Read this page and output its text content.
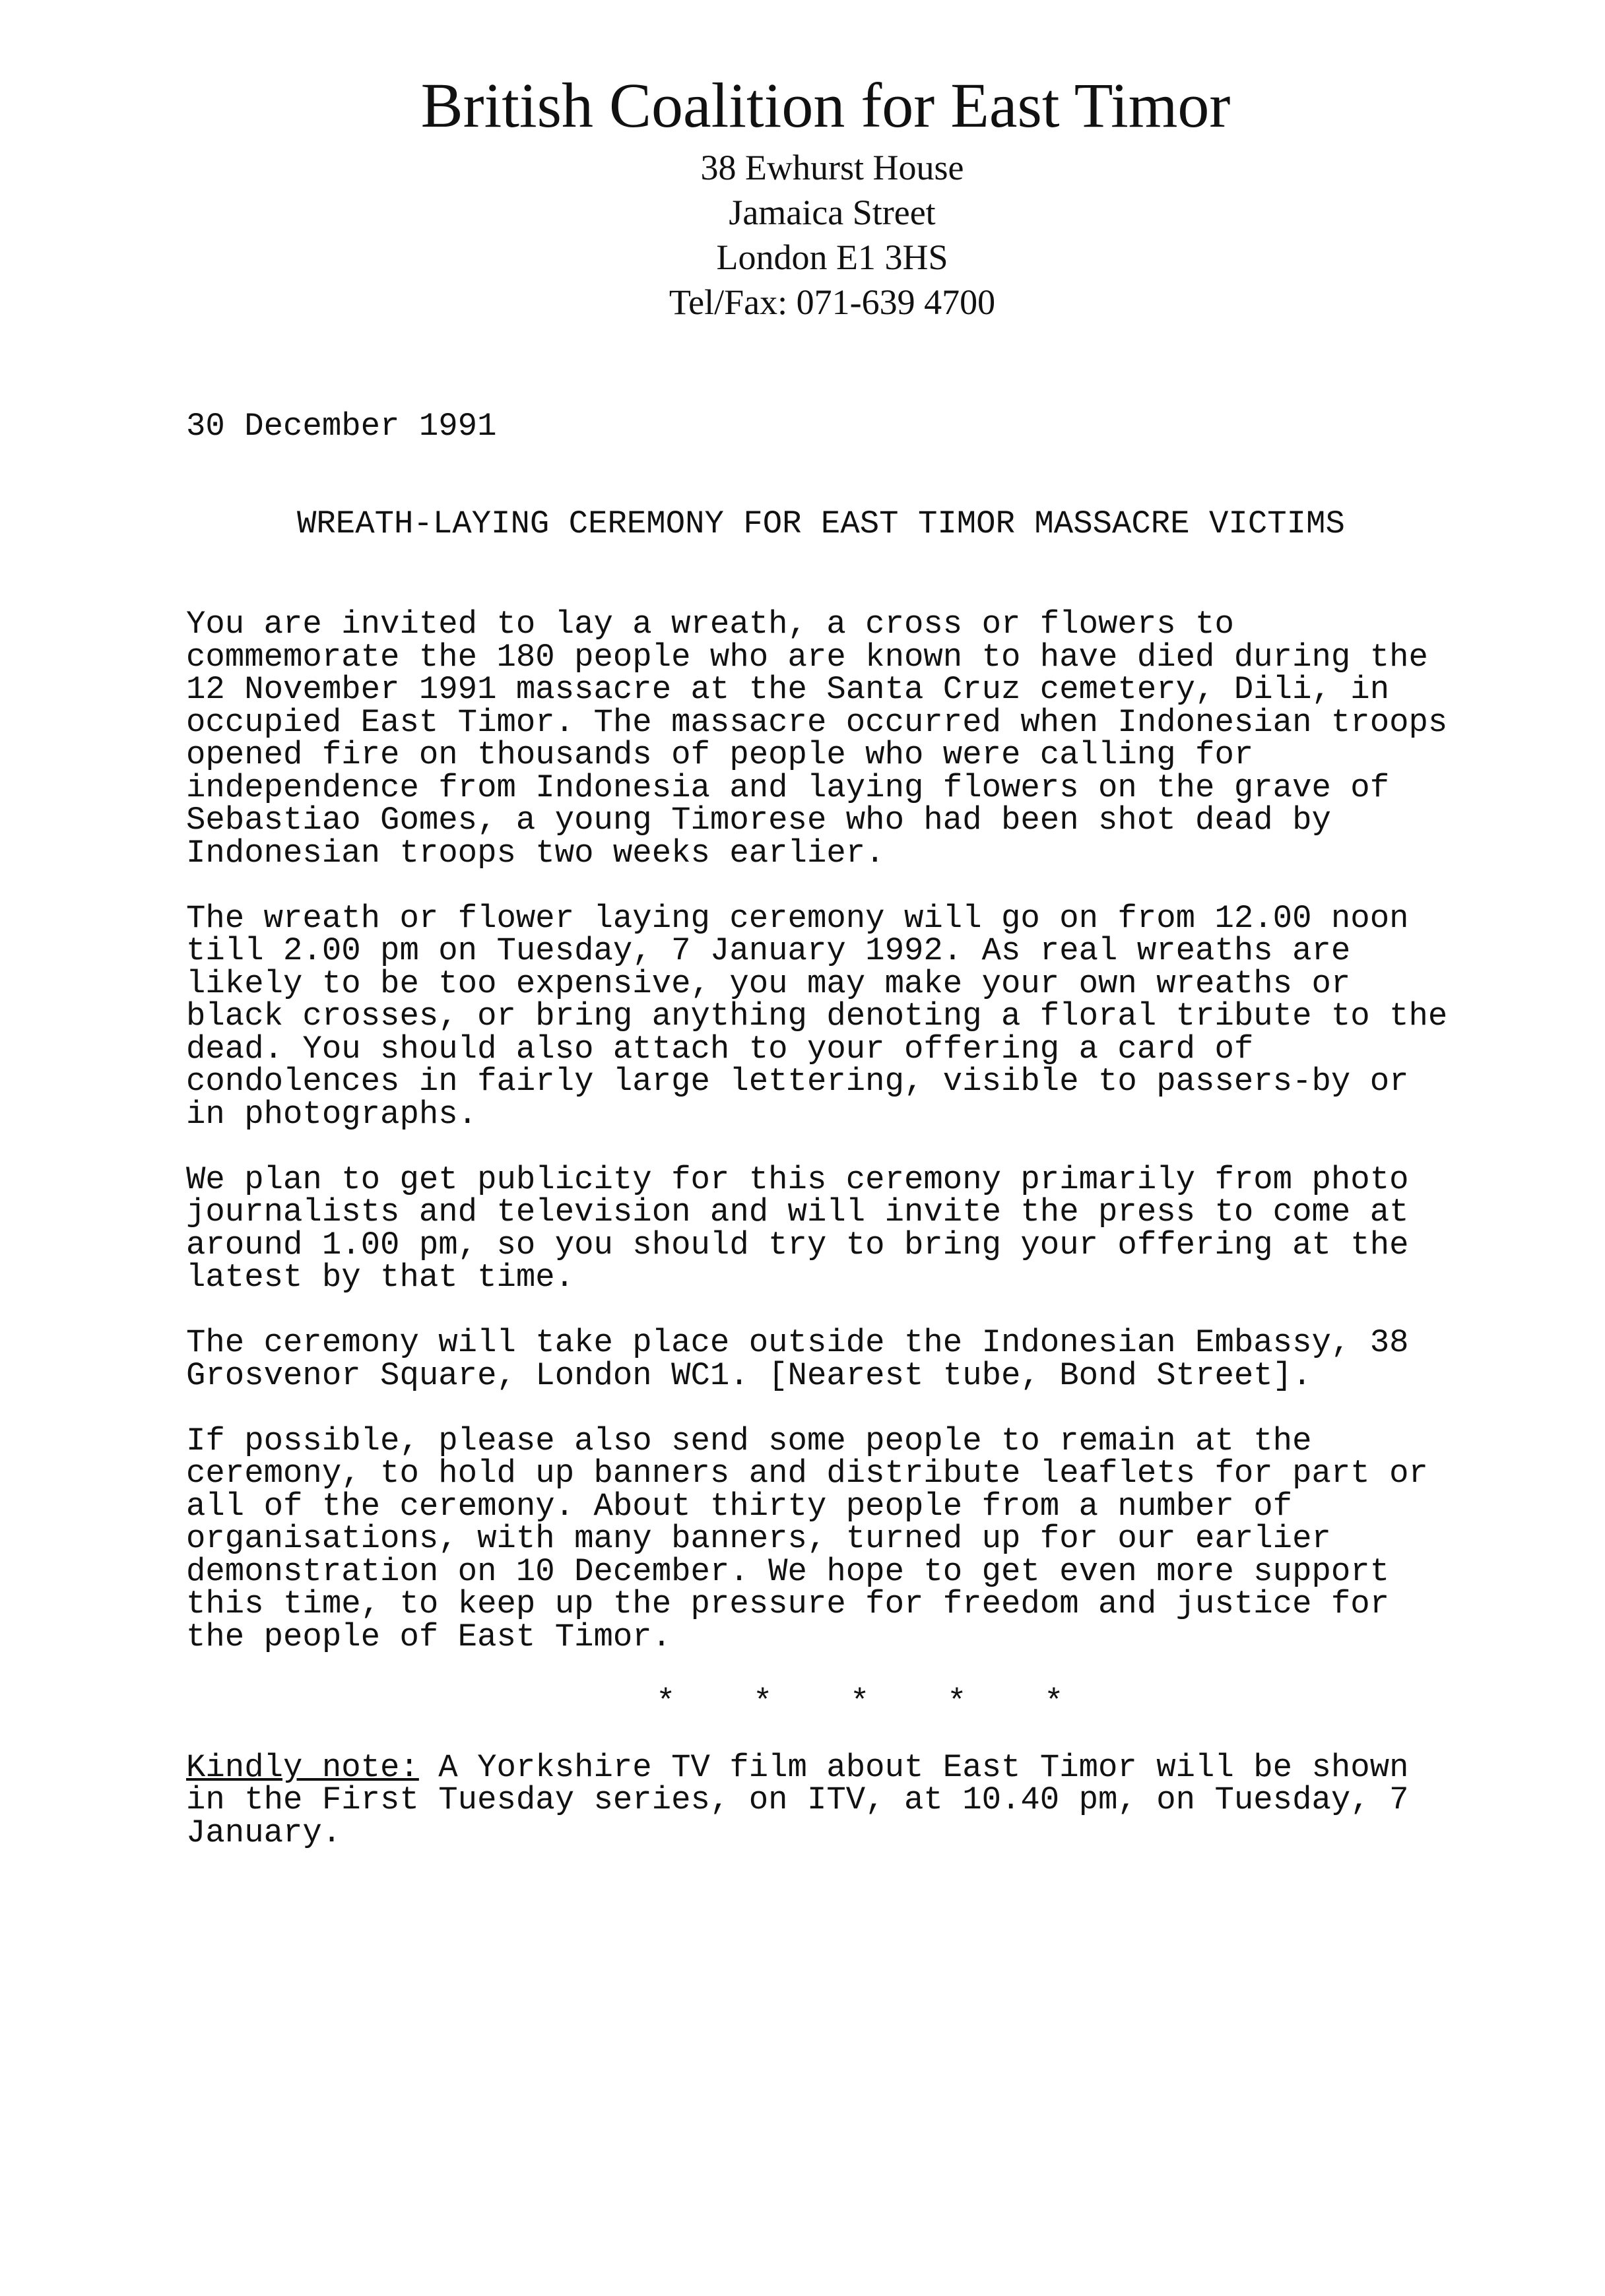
British Coalition for East Timor
38 Ewhurst House
Jamaica Street
London E1 3HS
Tel/Fax: 071-639 4700
30 December 1991
WREATH-LAYING CEREMONY FOR EAST TIMOR MASSACRE VICTIMS
You are invited to lay a wreath, a cross or flowers to
commemorate the 180 people who are known to have died during the
12 November 1991 massacre at the Santa Cruz cemetery, Dili, in
occupied East Timor. The massacre occurred when Indonesian troops
opened fire on thousands of people who were calling for
independence from Indonesia and laying flowers on the grave of
Sebastiao Gomes, a young Timorese who had been shot dead by
Indonesian troops two weeks earlier.
The wreath or flower laying ceremony will go on from 12.00 noon
till 2.00 pm on Tuesday, 7 January 1992. As real wreaths are
likely to be too expensive, you may make your own wreaths or
black crosses, or bring anything denoting a floral tribute to the
dead. You should also attach to your offering a card of
condolences in fairly large lettering, visible to passers-by or
in photographs.
We plan to get publicity for this ceremony primarily from photo
journalists and television and will invite the press to come at
around 1.00 pm, so you should try to bring your offering at the
latest by that time.
The ceremony will take place outside the Indonesian Embassy, 38
Grosvenor Square, London WC1. [Nearest tube, Bond Street].
If possible, please also send some people to remain at the
ceremony, to hold up banners and distribute leaflets for part or
all of the ceremony. About thirty people from a number of
organisations, with many banners, turned up for our earlier
demonstration on 10 December. We hope to get even more support
this time, to keep up the pressure for freedom and justice for
the people of East Timor.
*    *    *    *    *
Kindly note: A Yorkshire TV film about East Timor will be shown
in the First Tuesday series, on ITV, at 10.40 pm, on Tuesday, 7
January.
